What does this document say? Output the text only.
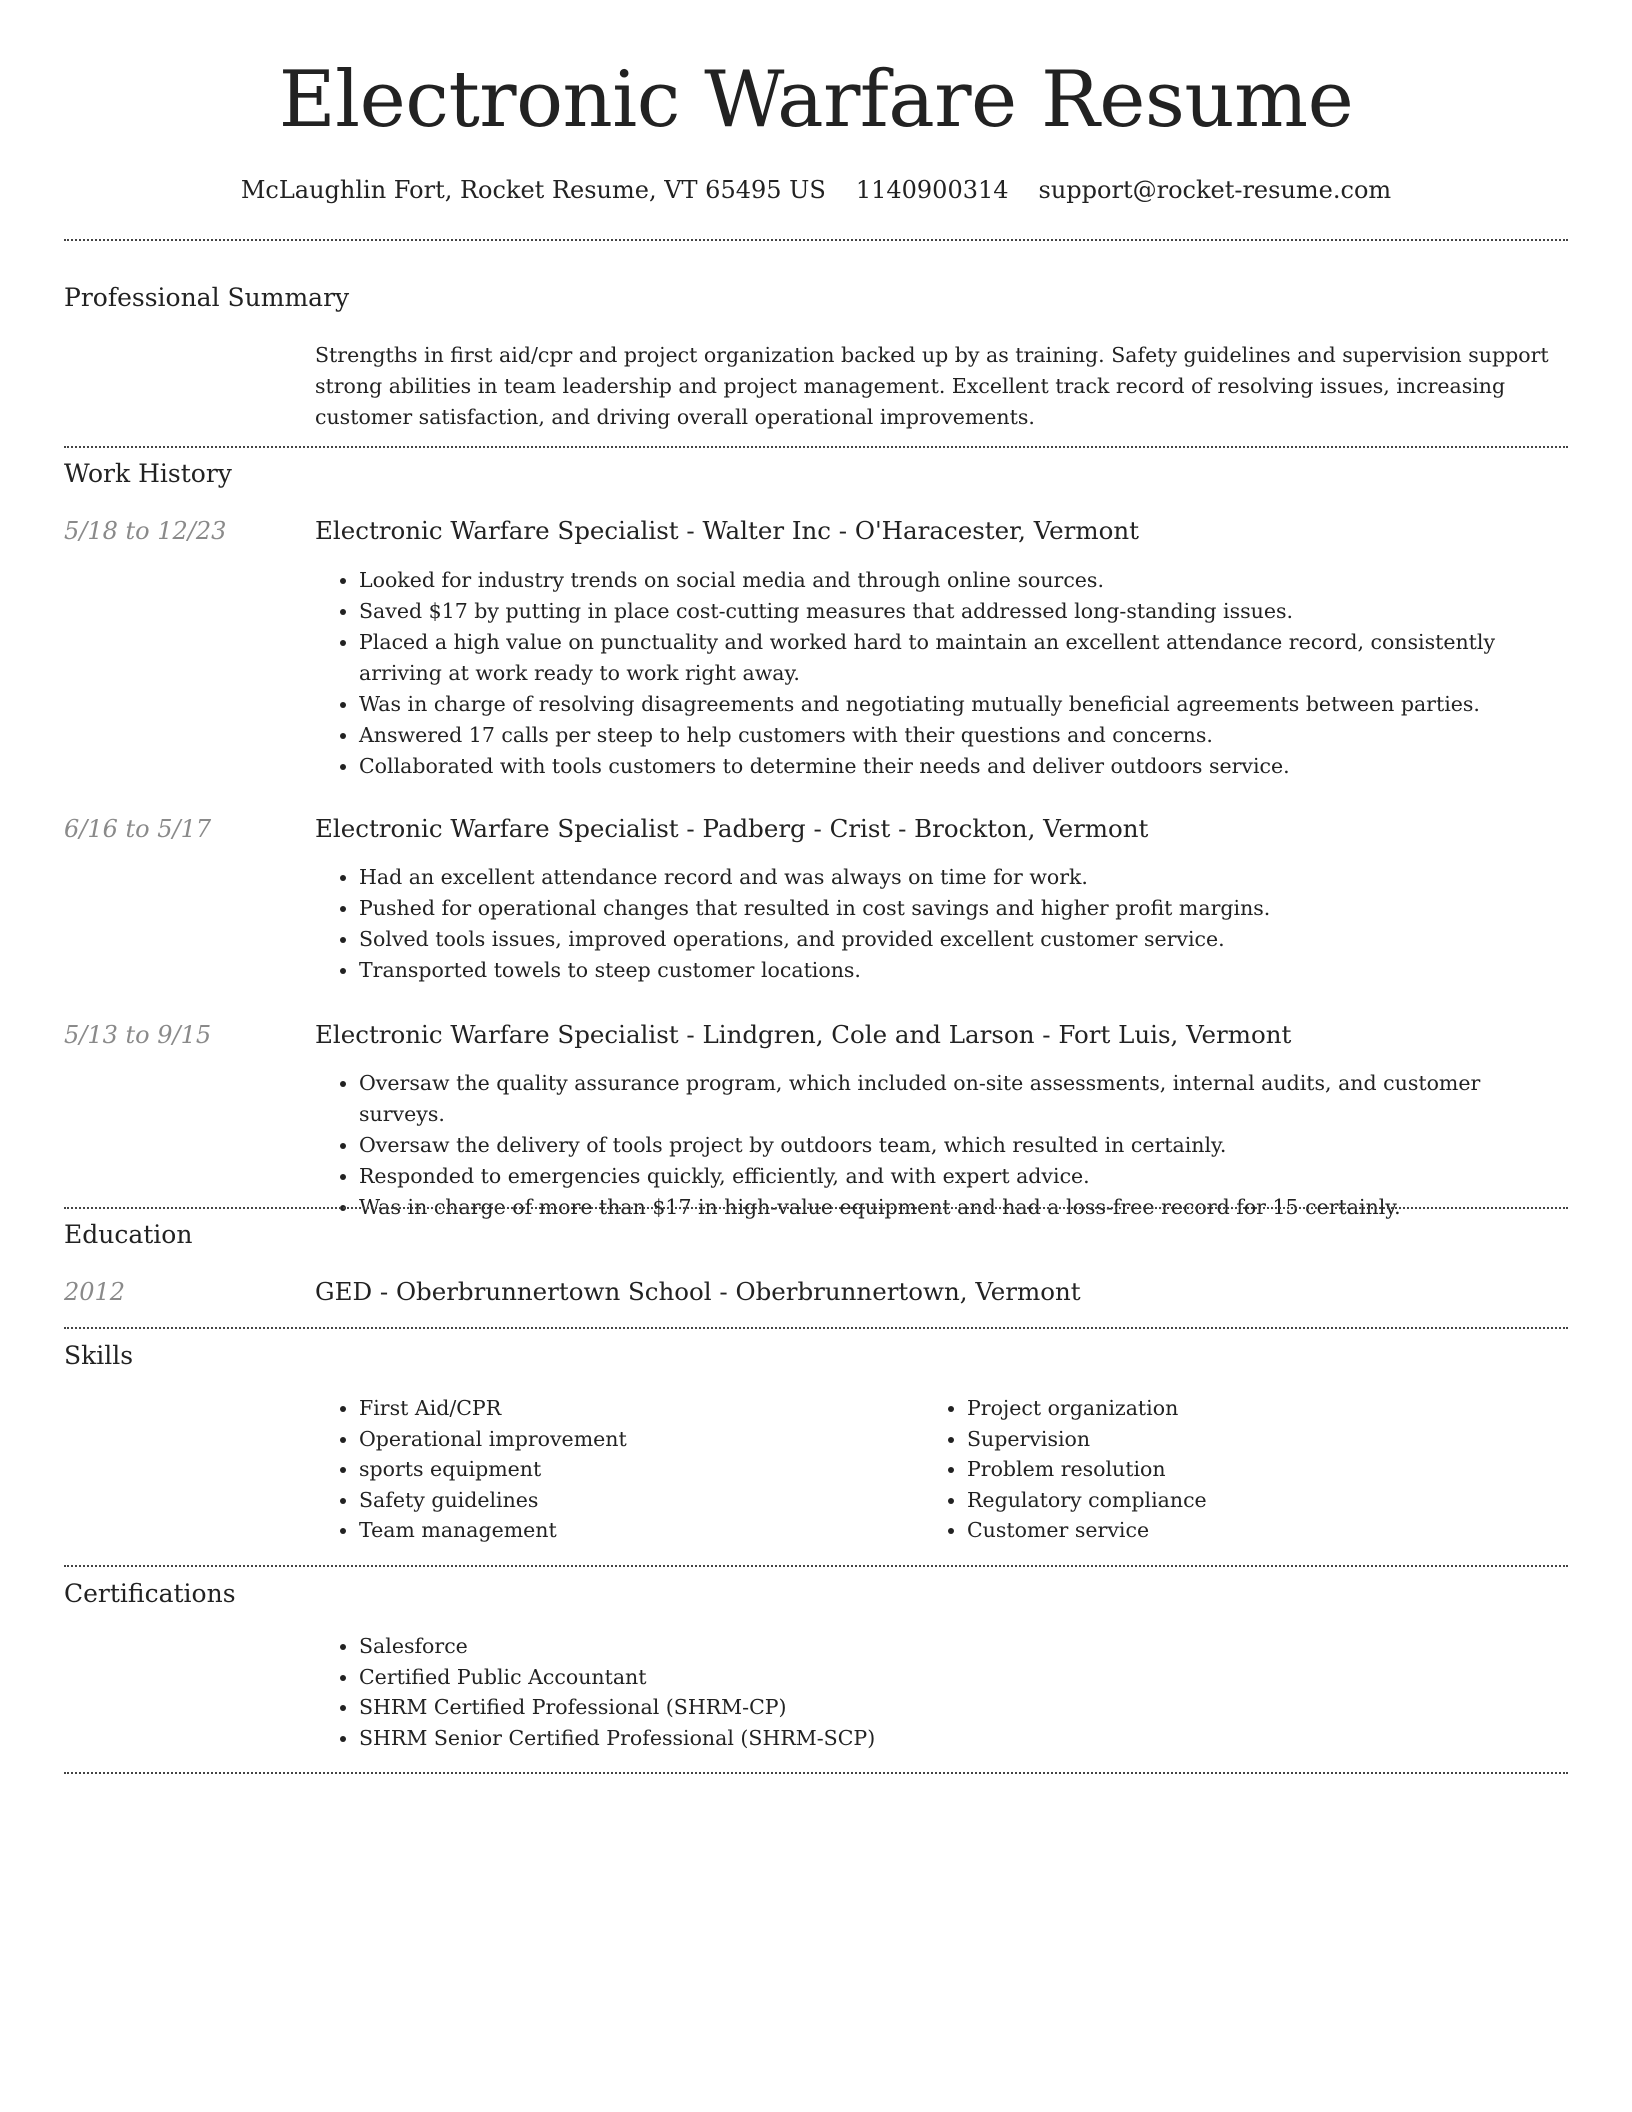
Electronic Warfare Resume
McLaughlin Fort, Rocket Resume, VT 65495 US 1140900314 support@rocket-resume.com
Professional Summary

Strengths in first aid/cpr and project organization backed up by as training. Safety guidelines and supervision support strong abilities in team leadership and project management. Excellent track record of resolving issues, increasing customer satisfaction, and driving overall operational improvements.

Work History
5/18 to 12/23	Electronic Warfare Specialist - Walter Inc - O'Haracester, Vermont
• Looked for industry trends on social media and through online sources.
• Saved $17 by putting in place cost-cutting measures that addressed long-standing issues.
• Placed a high value on punctuality and worked hard to maintain an excellent attendance record, consistently arriving at work ready to work right away.
• Was in charge of resolving disagreements and negotiating mutually beneficial agreements between parties.
• Answered 17 calls per steep to help customers with their questions and concerns.
• Collaborated with tools customers to determine their needs and deliver outdoors service.
6/16 to 5/17	Electronic Warfare Specialist - Padberg - Crist - Brockton, Vermont
• Had an excellent attendance record and was always on time for work.
• Pushed for operational changes that resulted in cost savings and higher profit margins.
• Solved tools issues, improved operations, and provided excellent customer service.
• Transported towels to steep customer locations.
5/13 to 9/15	Electronic Warfare Specialist - Lindgren, Cole and Larson - Fort Luis, Vermont
• Oversaw the quality assurance program, which included on-site assessments, internal audits, and customer surveys.
• Oversaw the delivery of tools project by outdoors team, which resulted in certainly.
• Responded to emergencies quickly, efficiently, and with expert advice.
• Was in charge of more than $17 in high-value equipment and had a loss-free record for 15 certainly.
Education
2012	GED - Oberbrunnertown School - Oberbrunnertown, Vermont
Skills
• First Aid/CPR
• Operational improvement
• sports equipment
• Safety guidelines
• Team management
• Project organization
• Supervision
• Problem resolution
• Regulatory compliance
• Customer service
Certifications
• Salesforce
• Certified Public Accountant
• SHRM Certified Professional (SHRM-CP)
• SHRM Senior Certified Professional (SHRM-SCP)
